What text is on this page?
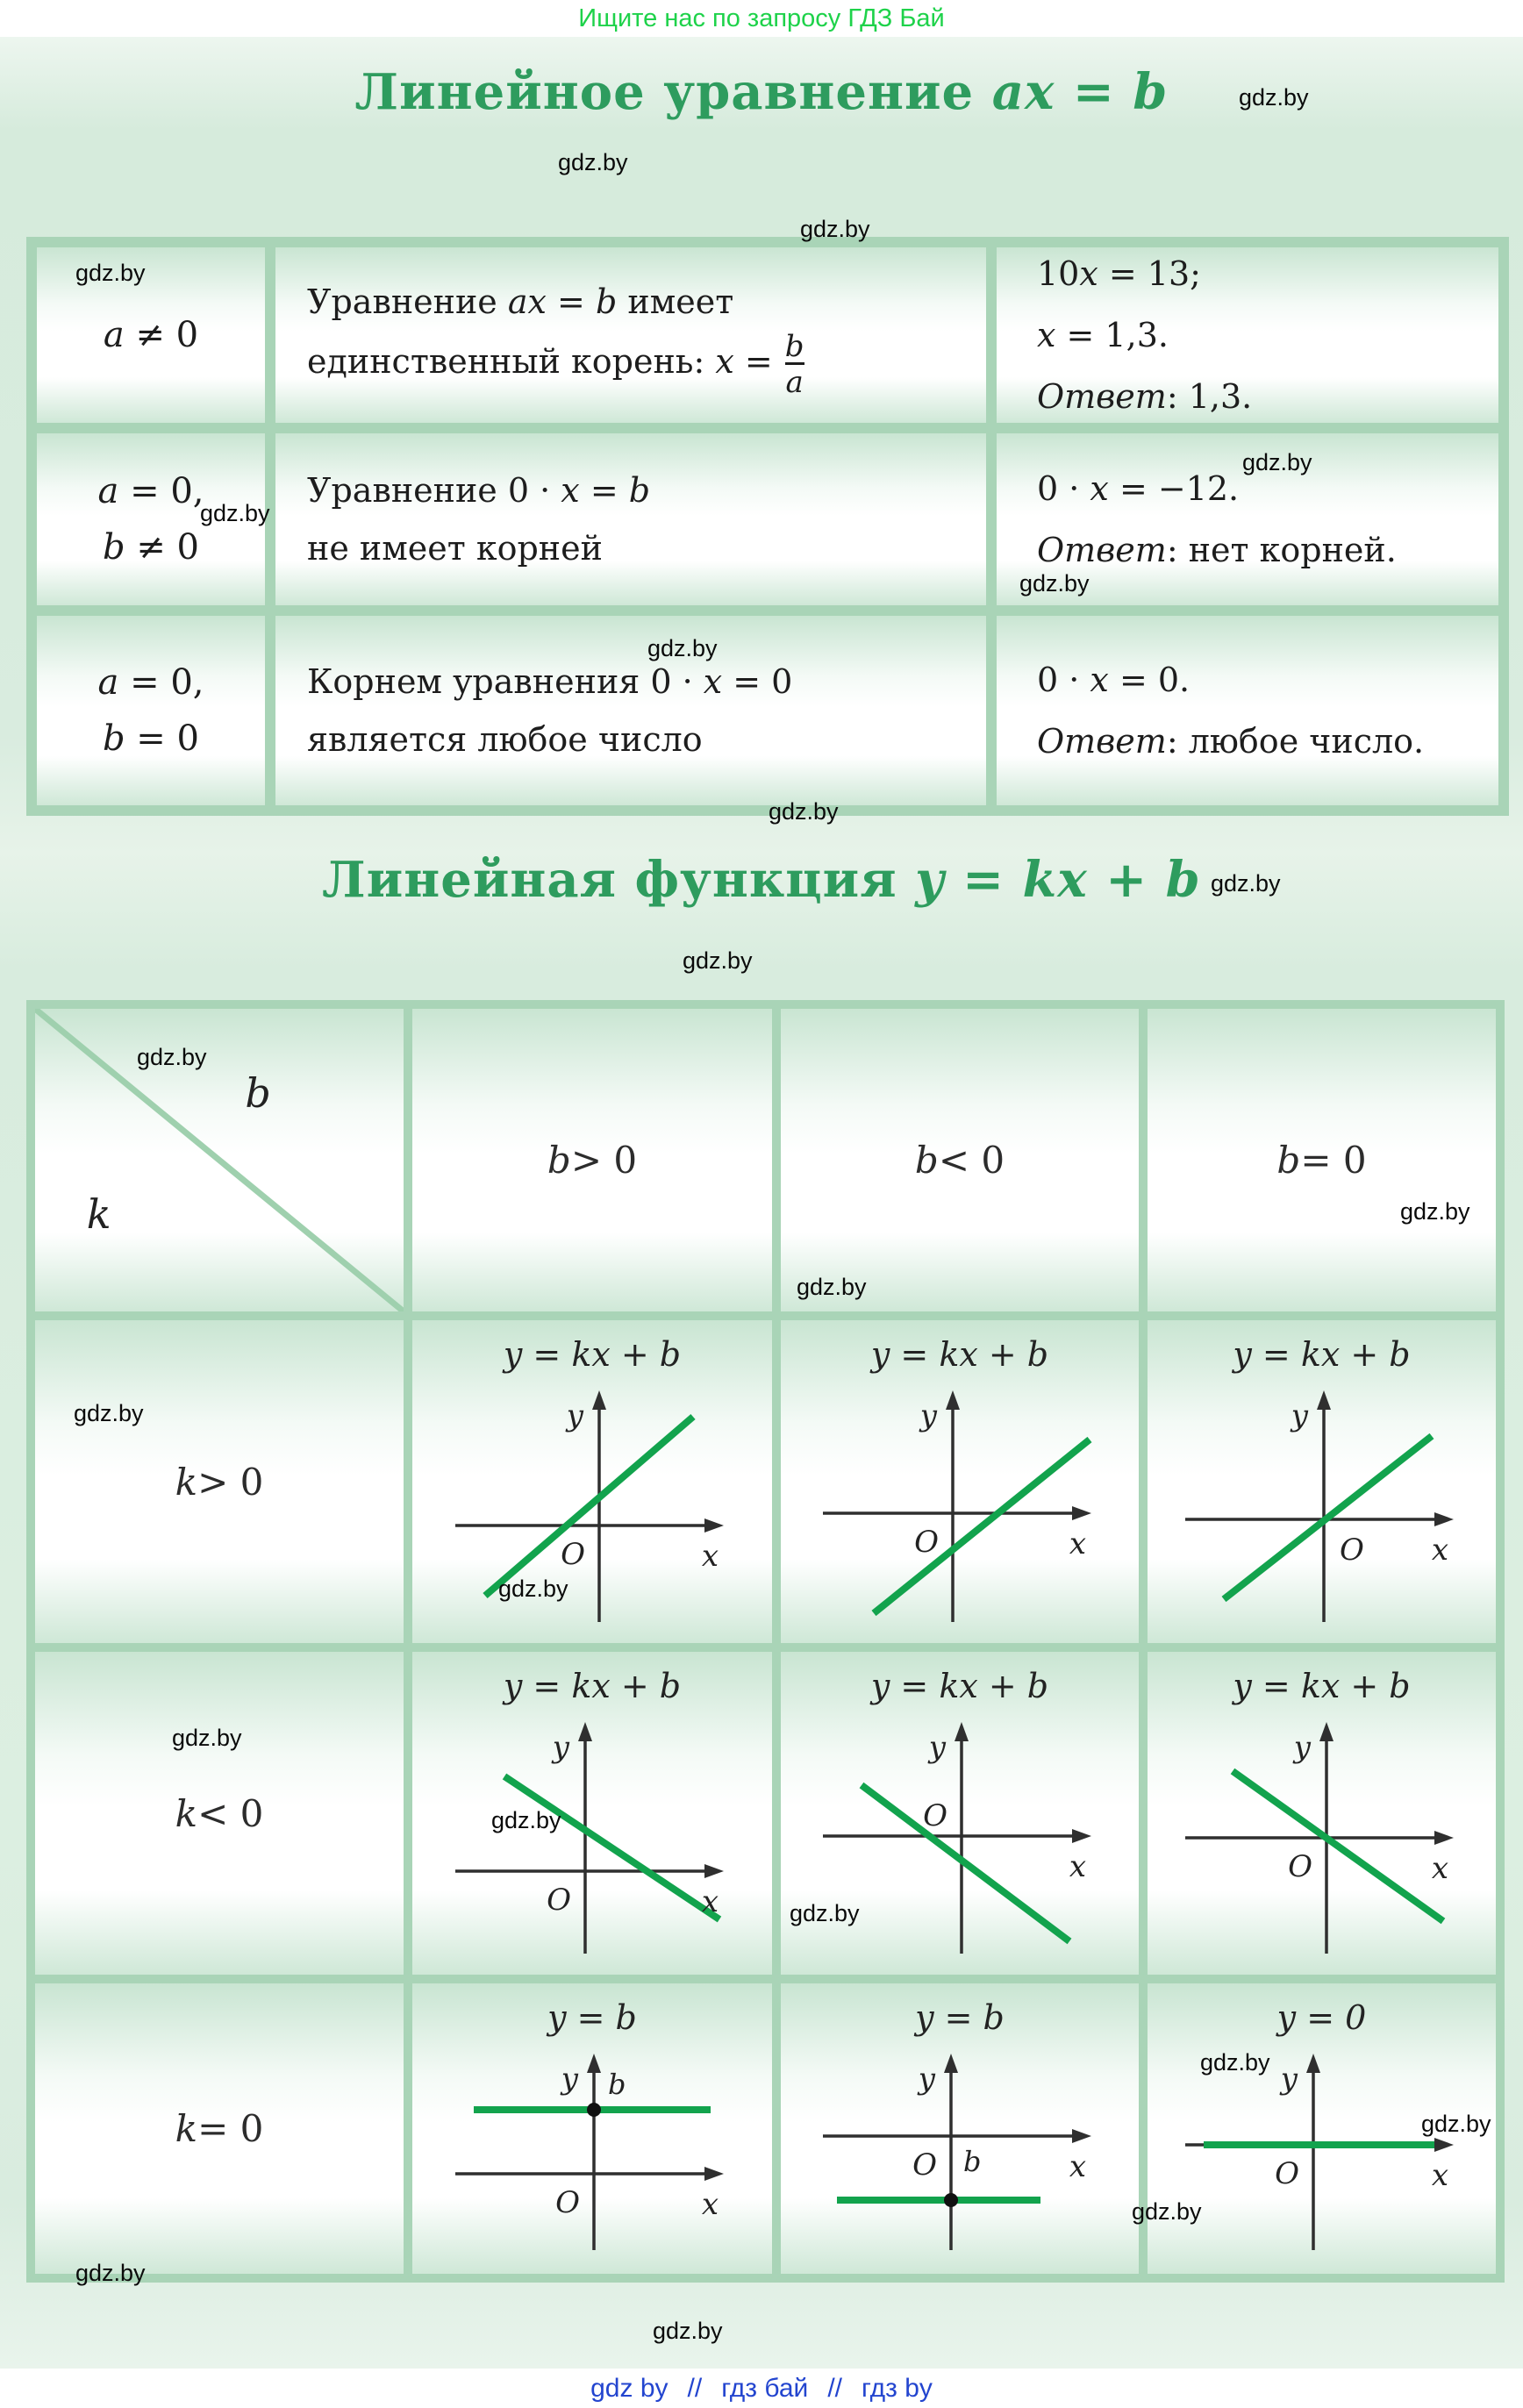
Ищите нас по запросу ГДЗ Бай
Линейное уравнение ax = b
a ≠ 0
Уравнение ax = b имеет
единственный корень: $x = \frac{b}{a}$
10x = 13;
x = 1,3.
Ответ: 1,3.
a = 0,
b ≠ 0
Уравнение 0 · x = b
не имеет корней
0 · x = −12.
Ответ: нет корней.
a = 0,
b = 0
Корнем уравнения 0 · x = 0
является любое число
0 · x = 0.
Ответ: любое число.
Линейная функция y = kx + b
b
k
b > 0	b < 0	b = 0
k > 0
y = kx + b
y
x
O
y = kx + b
y
x
O
y = kx + b
y
x
O
k < 0
y = kx + b
y
x
O
y = kx + b
y
x
O
y = kx + b
y
x
O
k = 0
y = b
y
x
O
b
y = b
y
x
O b
y = 0
y
x
O
gdz by // гдз бай // гдз by
gdz.by
gdz.by
gdz.by
gdz.by
gdz.by
gdz.by
gdz.by
gdz.by
gdz.by
gdz.by
gdz.by
gdz.by
gdz.by
gdz.by
gdz.by
gdz.by
gdz.by
gdz.by
gdz.by
gdz.by
gdz.by
gdz.by
gdz.by
gdz.by
